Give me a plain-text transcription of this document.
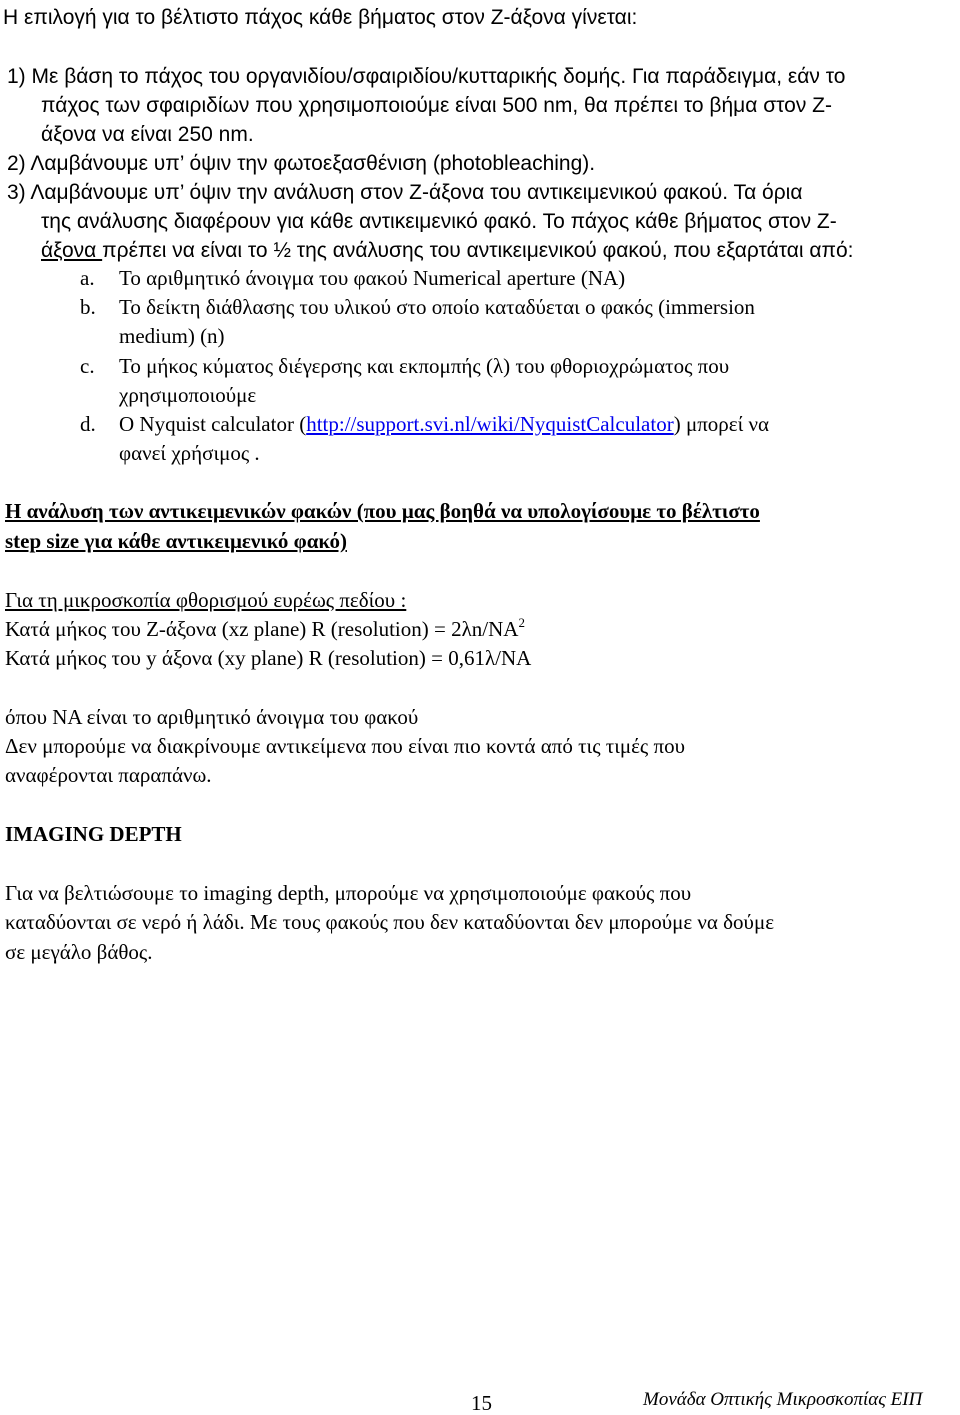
Η επιλογή για το βέλτιστο πάχος κάθε βήματος στον Ζ-άξονα γίνεται:
1) Με βάση το πάχος του οργανιδίου/σφαιριδίου/κυτταρικής δομής. Για παράδειγμα, εάν το
πάχος των σφαιριδίων που χρησιμοποιούμε είναι 500 nm, θα πρέπει το βήμα στον Ζ-
άξονα να είναι 250 nm.
2) Λαμβάνουμε υπ’ όψιν την φωτοεξασθένιση (photobleaching).
3) Λαμβάνουμε υπ’ όψιν την ανάλυση στον Ζ-άξονα του αντικειμενικού φακού. Τα όρια
της ανάλυσης διαφέρουν για κάθε αντικειμενικό φακό. Το πάχος κάθε βήματος στον Ζ-
άξονα πρέπει να είναι το ½ της ανάλυσης του αντικειμενικού φακού, που εξαρτάται από:
a. Το αριθμητικό άνοιγμα του φακού Numerical aperture (NA)
b. Το δείκτη διάθλασης του υλικού στο οποίο καταδύεται ο φακός (immersion
medium) (n)
c. Το μήκος κύματος διέγερσης και εκπομπής (λ) του φθοριοχρώματος που
χρησιμοποιούμε
d. O Nyquist calculator (http://support.svi.nl/wiki/NyquistCalculator) μπορεί να
φανεί χρήσιμος .
Η ανάλυση των αντικειμενικών φακών (που μας βοηθά να υπολογίσουμε το βέλτιστο
step size για κάθε αντικειμενικό φακό)
Για τη μικροσκοπία φθορισμού ευρέως πεδίου :
Κατά μήκος του Ζ-άξονα (xz plane) R (resolution) = $2\lambda n/NA^2$
Κατά μήκος του y άξονα (xy plane) R (resolution) = 0,61λ/NA
όπου NA είναι το αριθμητικό άνοιγμα του φακού
Δεν μπορούμε να διακρίνουμε αντικείμενα που είναι πιο κοντά από τις τιμές που
αναφέρονται παραπάνω.
IMAGING DEPTH
Για να βελτιώσουμε το imaging depth, μπορούμε να χρησιμοποιούμε φακούς που
καταδύονται σε νερό ή λάδι. Με τους φακούς που δεν καταδύονται δεν μπορούμε να δούμε
σε μεγάλο βάθος.
15	Μονάδα Οπτικής Μικροσκοπίας ΕΙΠ
